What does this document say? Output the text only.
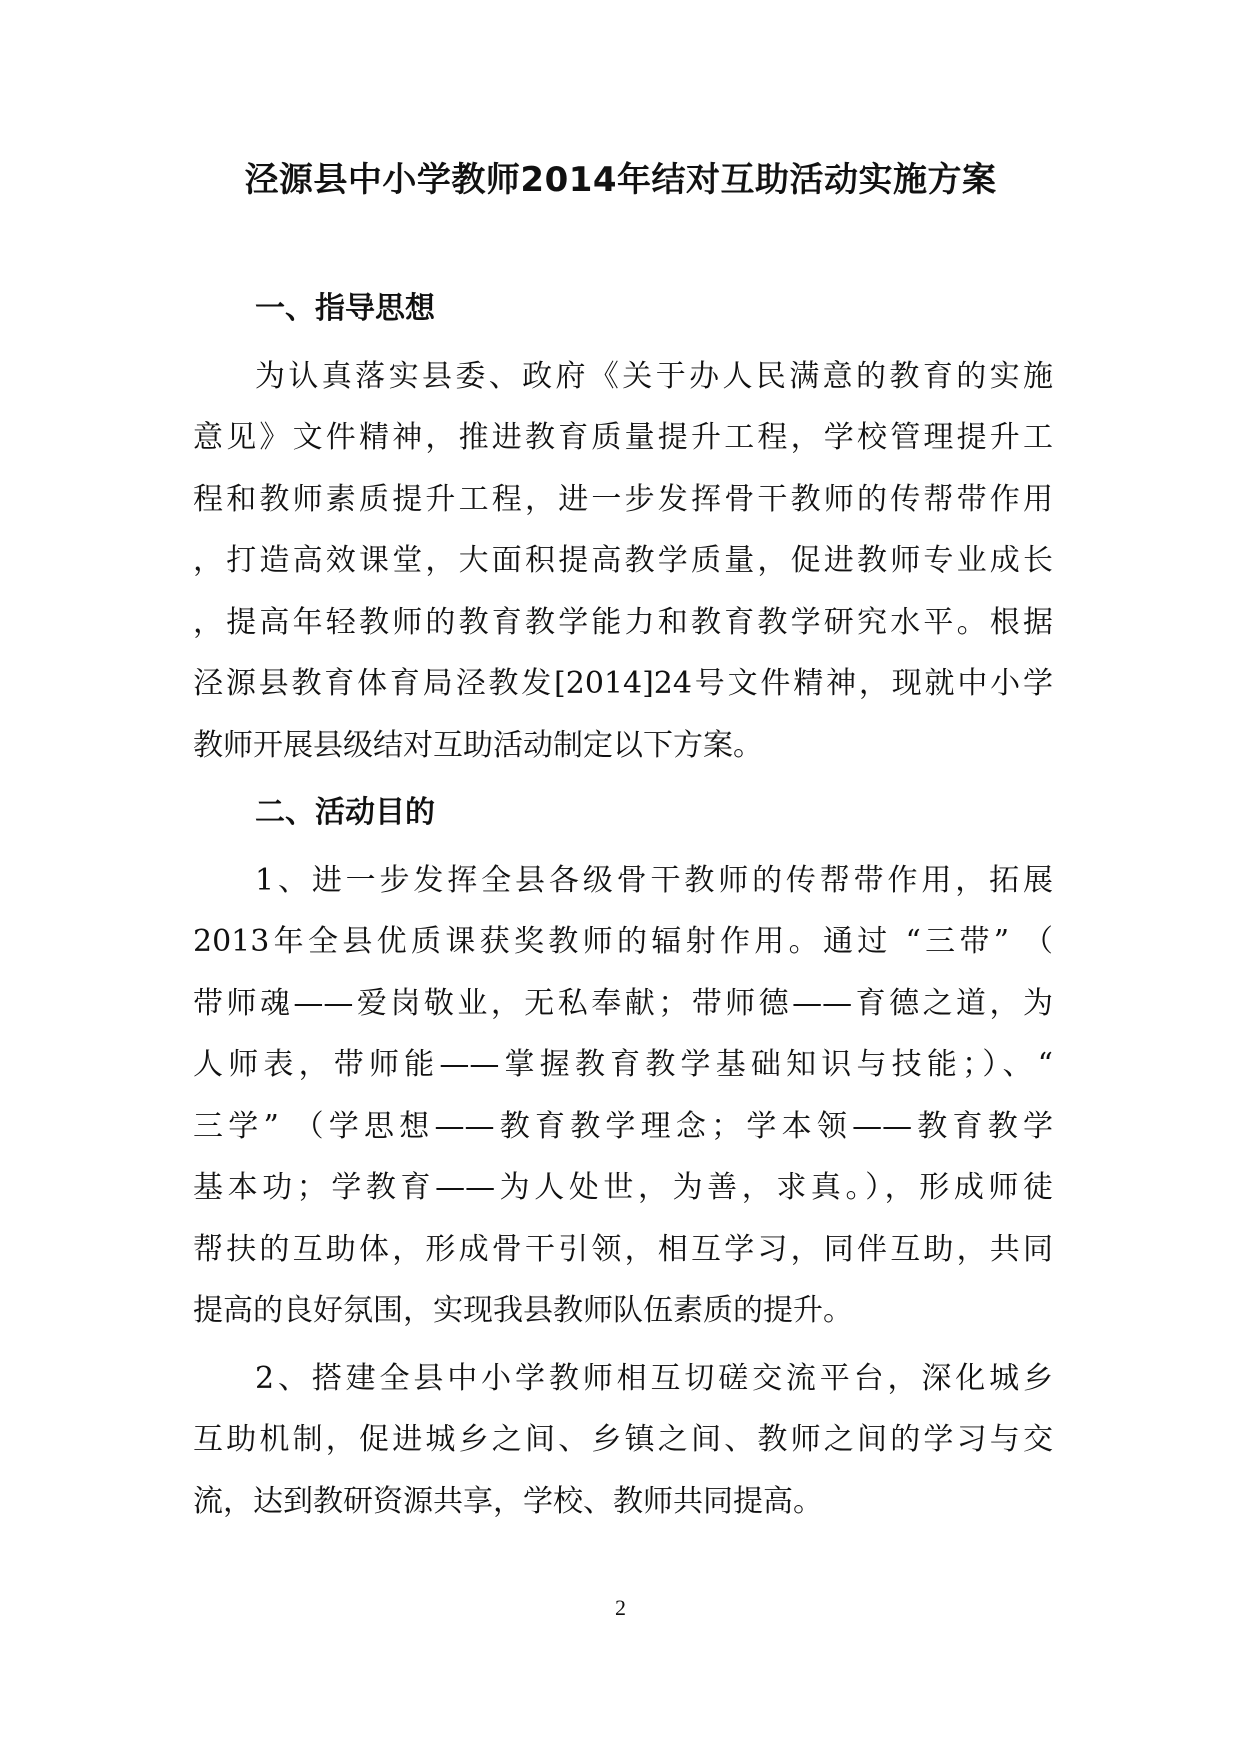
泾源县中小学教师2014年结对互助活动实施方案
一、指导思想
为认真落实县委、政府《关于办人民满意的教育的实施
意见》文件精神，推进教育质量提升工程，学校管理提升工
程和教师素质提升工程，进一步发挥骨干教师的传帮带作用
，打造高效课堂，大面积提高教学质量，促进教师专业成长
，提高年轻教师的教育教学能力和教育教学研究水平。根据
泾源县教育体育局泾教发[2014]24号文件精神，现就中小学
教师开展县级结对互助活动制定以下方案。
二、活动目的
1、进一步发挥全县各级骨干教师的传帮带作用，拓展
2013年全县优质课获奖教师的辐射作用。通过 “三带” （
带师魂——爱岗敬业，无私奉献；带师德——育德之道，为
人师表，带师能——掌握教育教学基础知识与技能；）、“
三学” （学思想——教育教学理念；学本领——教育教学
基本功；学教育——为人处世，为善，求真。），形成师徒
帮扶的互助体，形成骨干引领，相互学习，同伴互助，共同
提高的良好氛围，实现我县教师队伍素质的提升。
2、搭建全县中小学教师相互切磋交流平台，深化城乡
互助机制，促进城乡之间、乡镇之间、教师之间的学习与交
流，达到教研资源共享，学校、教师共同提高。
2
